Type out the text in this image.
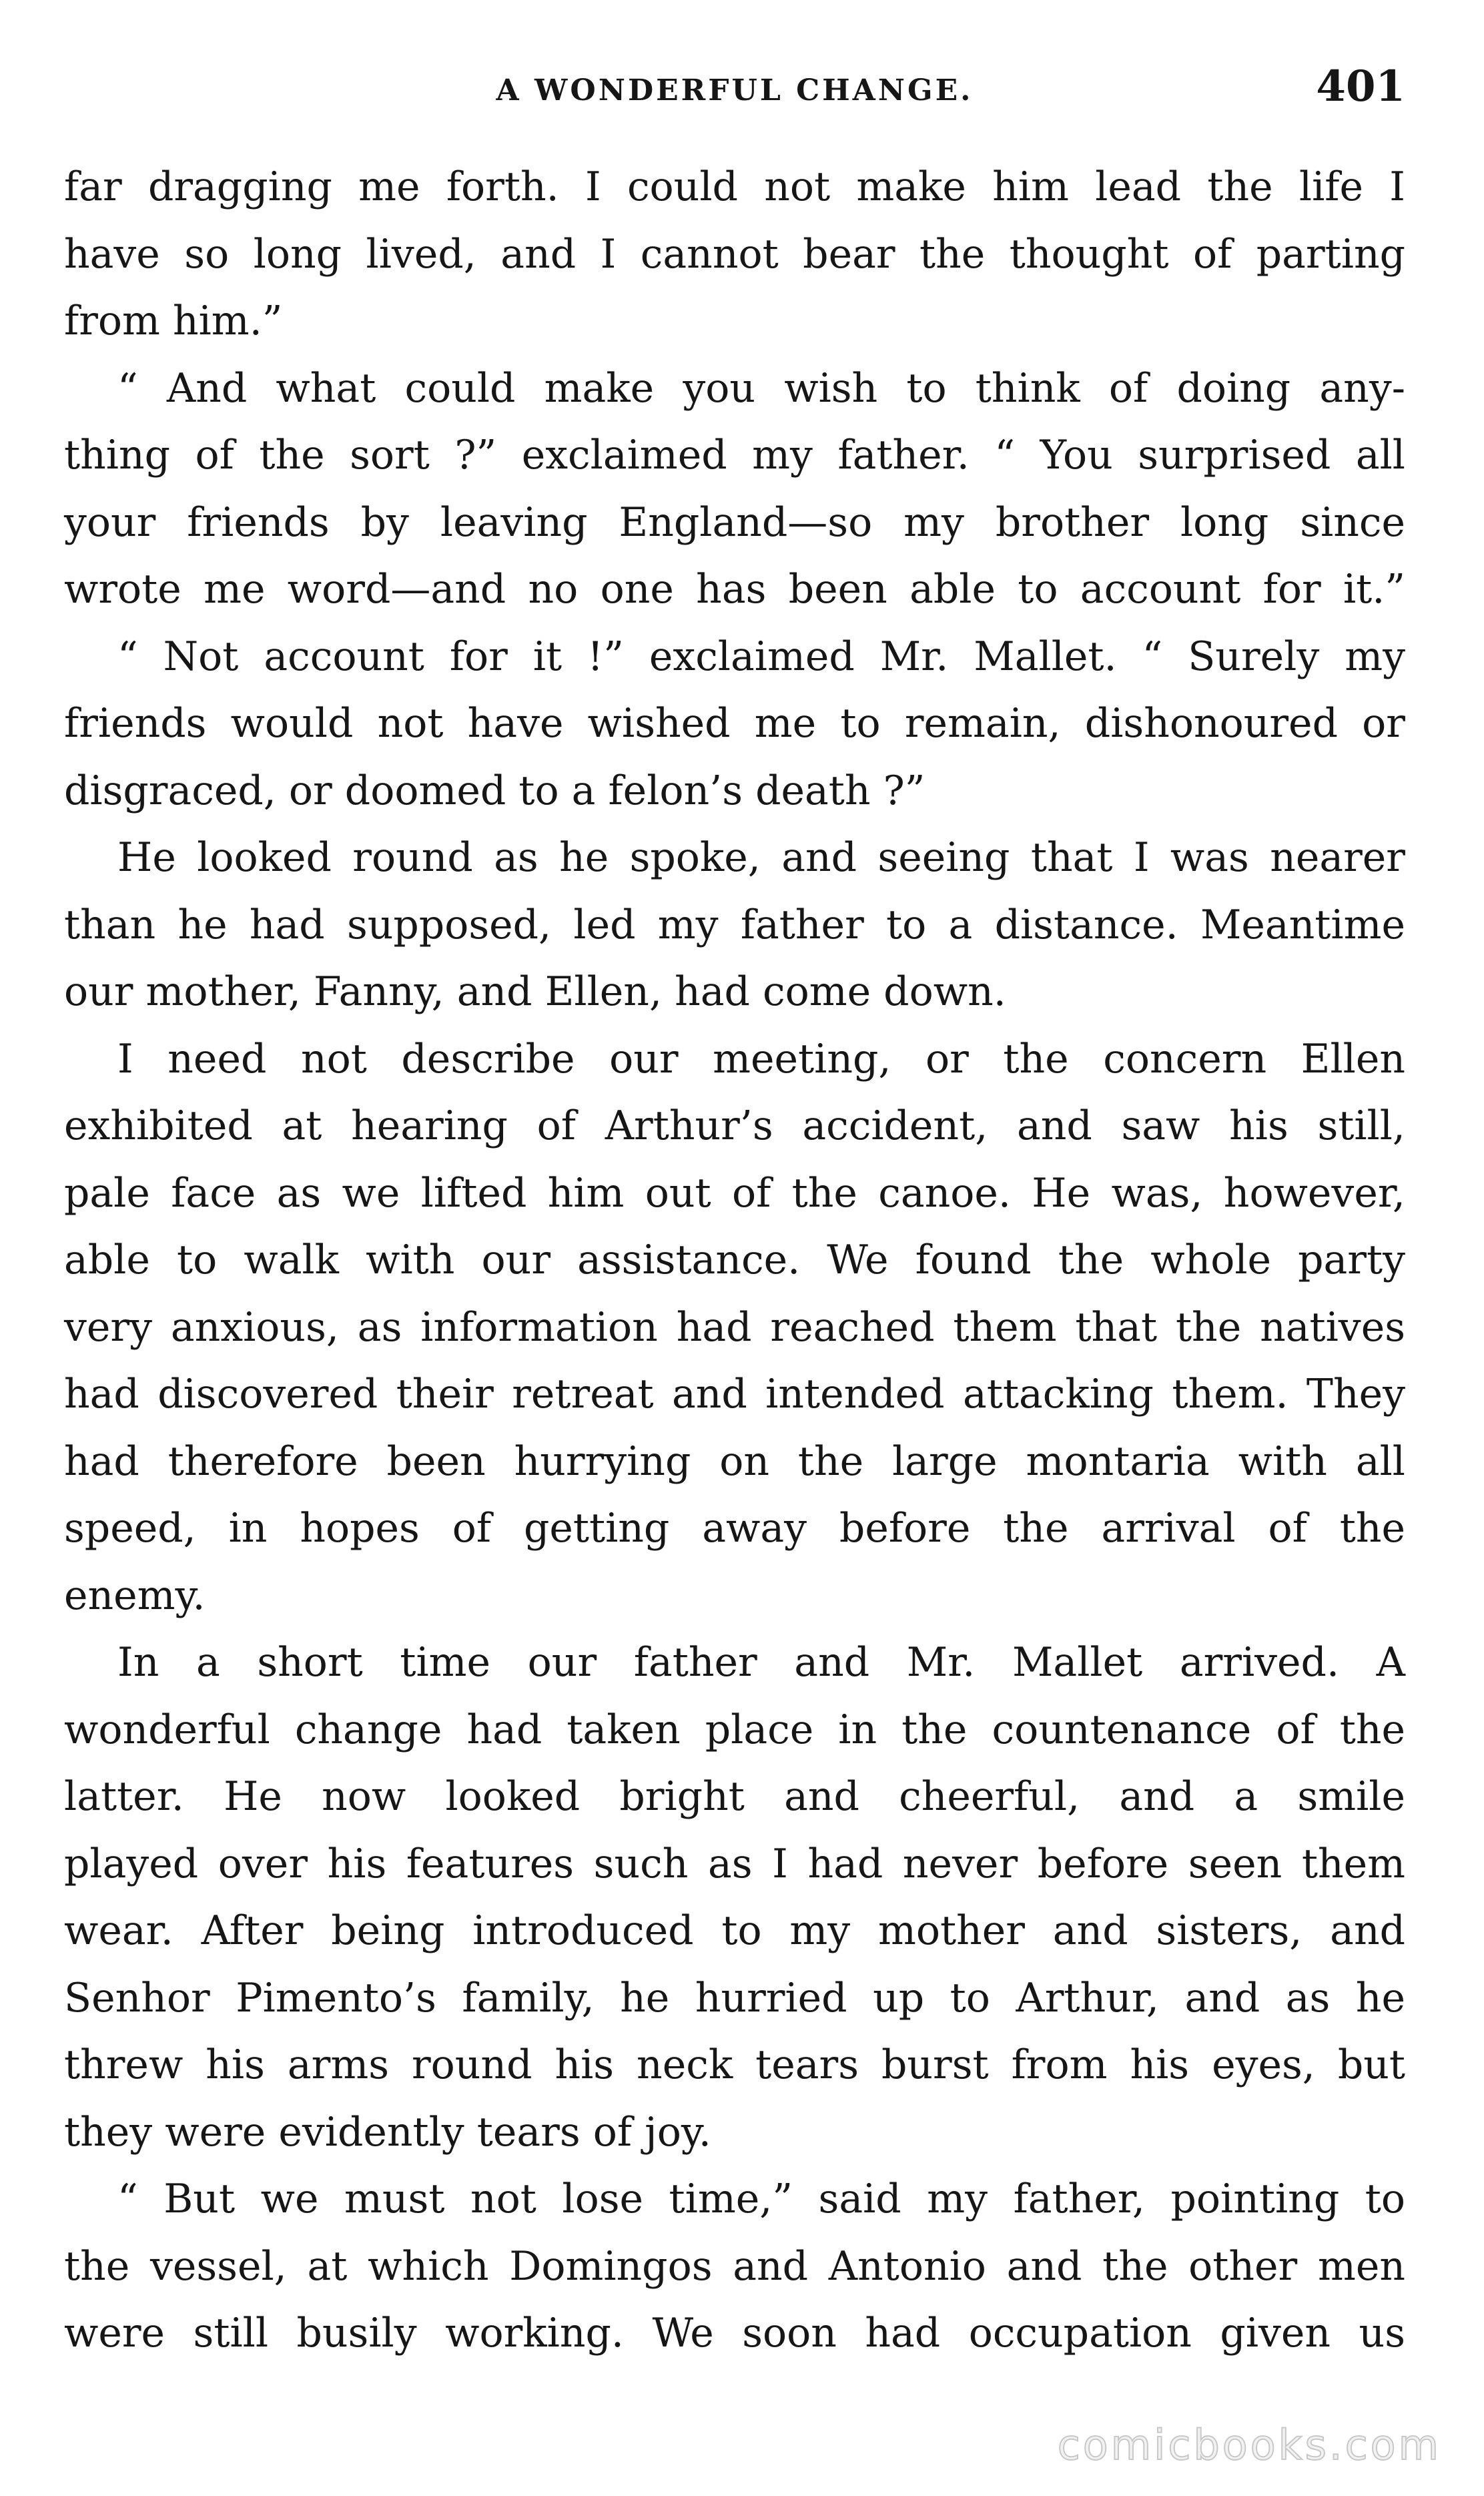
A WONDERFUL CHANGE.	401
far dragging me forth. I could not make him lead the life I
have so long lived, and I cannot bear the thought of parting
from him.”
“ And what could make you wish to think of doing any-
thing of the sort ?” exclaimed my father. “ You surprised all
your friends by leaving England—so my brother long since
wrote me word—and no one has been able to account for it.”
“ Not account for it !” exclaimed Mr. Mallet. “ Surely my
friends would not have wished me to remain, dishonoured or
disgraced, or doomed to a felon’s death ?”
He looked round as he spoke, and seeing that I was nearer
than he had supposed, led my father to a distance. Meantime
our mother, Fanny, and Ellen, had come down.
I need not describe our meeting, or the concern Ellen
exhibited at hearing of Arthur’s accident, and saw his still,
pale face as we lifted him out of the canoe. He was, however,
able to walk with our assistance. We found the whole party
very anxious, as information had reached them that the natives
had discovered their retreat and intended attacking them. They
had therefore been hurrying on the large montaria with all
speed, in hopes of getting away before the arrival of the
enemy.
In a short time our father and Mr. Mallet arrived. A
wonderful change had taken place in the countenance of the
latter. He now looked bright and cheerful, and a smile
played over his features such as I had never before seen them
wear. After being introduced to my mother and sisters, and
Senhor Pimento’s family, he hurried up to Arthur, and as he
threw his arms round his neck tears burst from his eyes, but
they were evidently tears of joy.
“ But we must not lose time,” said my father, pointing to
the vessel, at which Domingos and Antonio and the other men
were still busily working. We soon had occupation given us
comicbooks.com
